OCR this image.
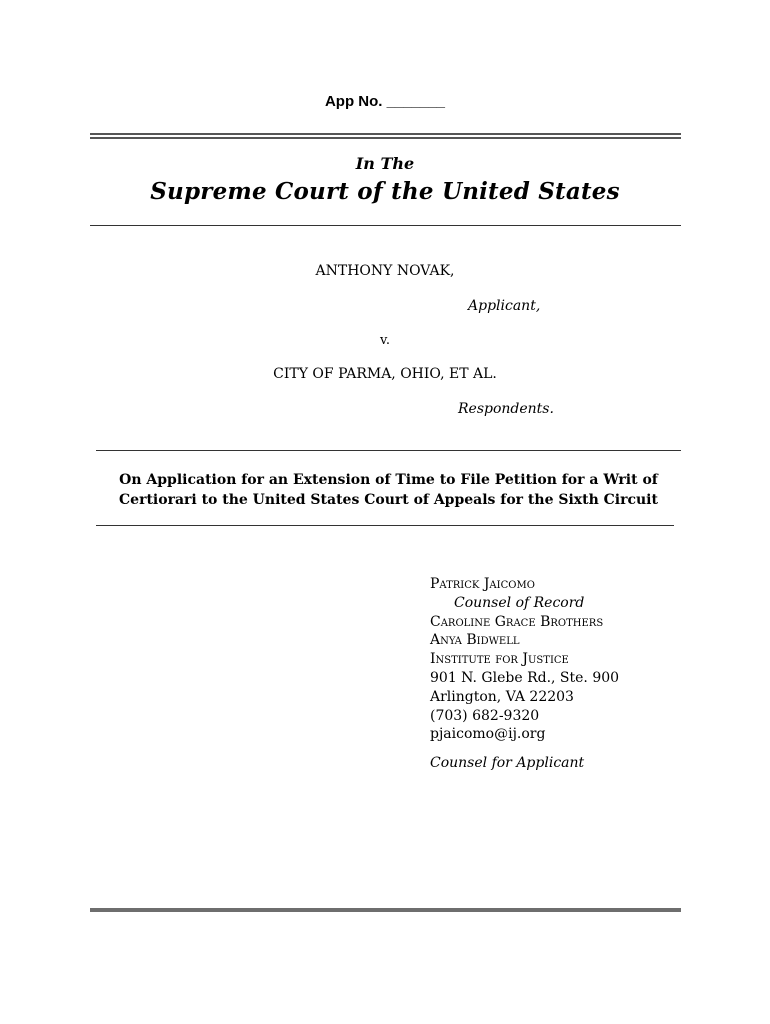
App No. _______
In The
Supreme Court of the United States
ANTHONY NOVAK,
Applicant,
v.
CITY OF PARMA, OHIO, ET AL.
Respondents.
On Application for an Extension of Time to File Petition for a Writ of
Certiorari to the United States Court of Appeals for the Sixth Circuit
Patrick Jaicomo
Counsel of Record
Caroline Grace Brothers
Anya Bidwell
Institute for Justice
901 N. Glebe Rd., Ste. 900
Arlington, VA 22203
(703) 682-9320
pjaicomo@ij.org
Counsel for Applicant
